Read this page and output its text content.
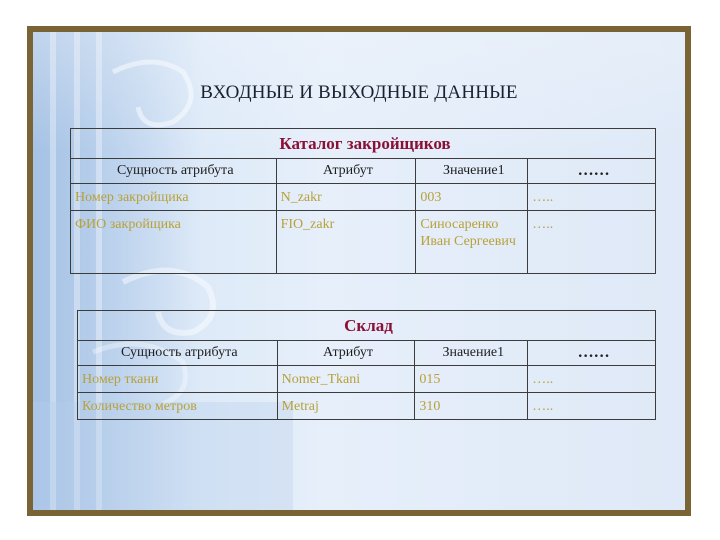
ВХОДНЫЕ И ВЫХОДНЫЕ ДАННЫЕ
Каталог закройщиков			
Сущность атрибута	Атрибут	Значение1	……

Номер закройщика	N_zakr	003	…..

ФИО закройщика	FIO_zakr	Синосаренко Иван Сергеевич	…..
Склад			
Сущность атрибута	Атрибут	Значение1	……

Номер ткани	Nomer_Tkani	015	…..

Количество метров	Metraj	310	…..
